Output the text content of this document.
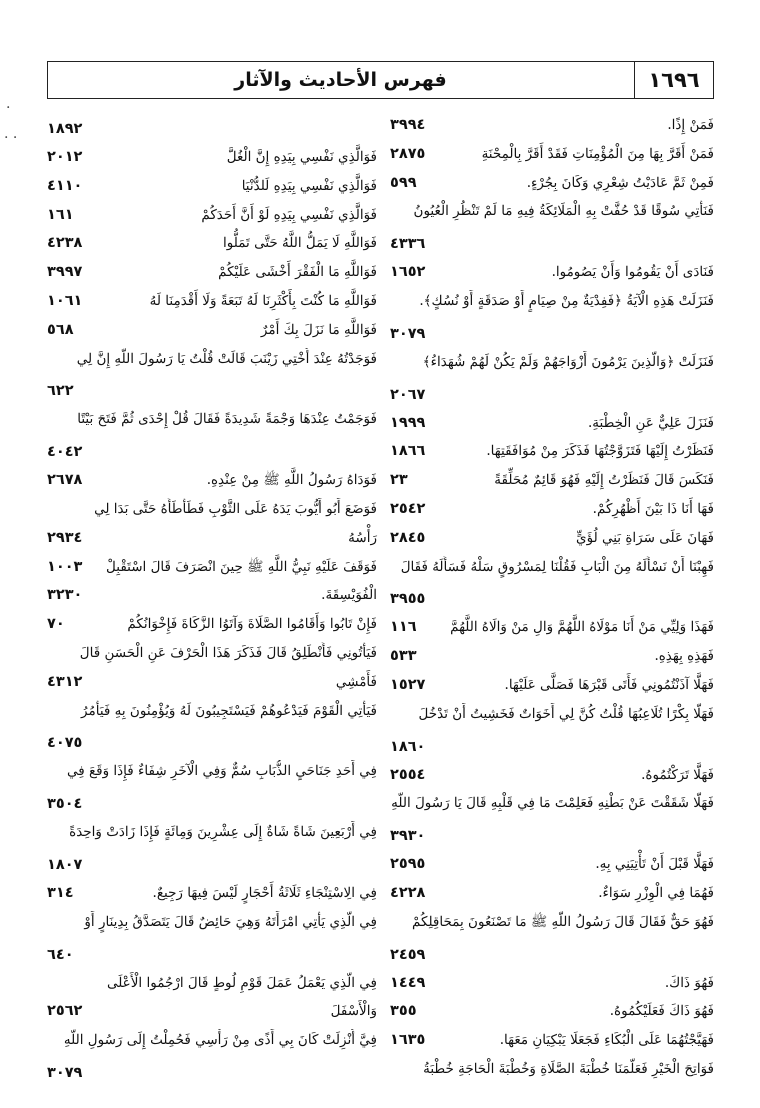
فهرس الأحاديث والآثار	١٦٩٦
.
. .
فَمَنْ إِذًا.
٣٩٩٤
فَمَنْ أَقَرَّ بِهَا مِنَ الْمُؤْمِنَاتِ فَقَدْ أَقَرَّ بِالْمِحْنَةِ
٢٨٧٥
فَمِنْ ثَمَّ عَادَيْتُ شِعْرِي وَكَانَ بِجُرْءٍ.
٥٩٩
فَنَأْتِي سُوقًا قَدْ حُفَّتْ بِهِ الْمَلَائِكَةُ فِيهِ مَا لَمْ تَنْظُرِ الْعُيُونُ
٤٣٣٦
فَنَادَى أَنْ يَقُومُوا وَأَنْ يَصُومُوا.
١٦٥٢
فَنَزَلَتْ هَذِهِ الْآيَةُ ﴿فَفِدْيَةٌ مِنْ صِيَامٍ أَوْ صَدَقَةٍ أَوْ نُسُكٍ﴾.
٣٠٧٩
فَنَزَلَتْ ﴿وَالَّذِينَ يَرْمُونَ أَزْوَاجَهُمْ وَلَمْ يَكُنْ لَهُمْ شُهَدَاءُ﴾
٢٠٦٧
فَنَزَلَ عَلِيٌّ عَنِ الْخِطْبَةِ.
١٩٩٩
فَنَظَرْتُ إِلَيْهَا فَتَزَوَّجْتُهَا فَذَكَرَ مِنْ مُوَافَقَتِهَا.
١٨٦٦
فَنَكَسَ قَالَ فَنَظَرْتُ إِلَيْهِ فَهُوَ قَائِمٌ مُحَلِّقَةً
٢٣
فَهَا أَنَا ذَا بَيْنَ أَظْهُرِكُمْ.
٢٥٤٢
فَهَانَ عَلَى سَرَاةِ بَنِي لُؤَيٍّ
٢٨٤٥
فَهِبْنَا أَنْ نَسْأَلَهُ مِنَ الْبَابِ فَقُلْنَا لِمَسْرُوقٍ سَلْهُ فَسَأَلَهُ فَقَالَ
٣٩٥٥
فَهَذَا وَلِيِّي مَنْ أَنَا مَوْلَاهُ اللَّهُمَّ وَالِ مَنْ وَالَاهُ اللَّهُمَّ
١١٦
فَهَذِهِ بِهَذِهِ.
٥٣٣
فَهَلَّا آذَنْتُمُونِي فَأَتَى قَبْرَهَا فَصَلَّى عَلَيْهَا.
١٥٢٧
فَهَلَّا بِكْرًا تُلَاعِبُهَا قُلْتُ كُنَّ لِي أَخَوَاتٌ فَخَشِيتُ أَنْ تَدْخُلَ
١٨٦٠
فَهَلَّا تَرَكْتُمُوهُ.
٢٥٥٤
فَهَلَّا شَقَقْتَ عَنْ بَطْنِهِ فَعَلِمْتَ مَا فِي قَلْبِهِ قَالَ يَا رَسُولَ اللَّهِ
٣٩٣٠
فَهَلَّا قَبْلَ أَنْ تَأْتِيَنِي بِهِ.
٢٥٩٥
فَهُمَا فِي الْوِزْرِ سَوَاءٌ.
٤٢٢٨
فَهُوَ حَقٌّ فَقَالَ قَالَ رَسُولُ اللَّهِ ﷺ مَا تَصْنَعُونَ بِمَحَاقِلِكُمْ
٢٤٥٩
فَهُوَ ذَاكَ.
١٤٤٩
فَهُوَ ذَاكَ فَعَلَيْكُمُوهُ.
٣٥٥
فَهَيَّجْتُهُمَا عَلَى الْبُكَاءِ فَجَعَلَا يَبْكِيَانِ مَعَهَا.
١٦٣٥
فَوَاتِحَ الْخَيْرِ فَعَلَّمَنَا خُطْبَةَ الصَّلَاةِ وَخُطْبَةَ الْحَاجَةِ خُطْبَةُ
١٨٩٢
فَوَالَّذِي نَفْسِي بِيَدِهِ إِنَّ الْغُلَّ
٢٠١٢
فَوَالَّذِي نَفْسِي بِيَدِهِ لَلدُّنْيَا
٤١١٠
فَوَالَّذِي نَفْسِي بِيَدِهِ لَوْ أَنَّ أَحَدَكُمْ
١٦١
فَوَاللَّهِ لَا يَمَلُّ اللَّهُ حَتَّى تَمَلُّوا
٤٢٣٨
فَوَاللَّهِ مَا الْفَقْرَ أَخْشَى عَلَيْكُمْ
٣٩٩٧
فَوَاللَّهِ مَا كُنْتَ بِأَكْثَرِنَا لَهُ تَبَعَةً وَلَا أَقْدَمِنَا لَهُ
١٠٦١
فَوَاللَّهِ مَا نَزَلَ بِكَ أَمْرٌ
٥٦٨
فَوَجَدْتُهُ عِنْدَ أُخْتِي زَيْنَبَ قَالَتْ قُلْتُ يَا رَسُولَ اللَّهِ إِنَّ لِي
٦٢٢
فَوَجَمْتُ عِنْدَهَا وَجْمَةً شَدِيدَةً فَقَالَ قُلْ إِحْدَى ثُمَّ فَتَحَ بَيْتًا
٤٠٤٢
فَوَدَاهُ رَسُولُ اللَّهِ ﷺ مِنْ عِنْدِهِ.
٢٦٧٨
فَوَضَعَ أَبُو أَيُّوبَ يَدَهُ عَلَى الثَّوْبِ فَطَأْطَأَهُ حَتَّى بَدَا لِي
رَأْسُهُ
٢٩٣٤
فَوَقَفَ عَلَيْهِ نَبِيُّ اللَّهِ ﷺ حِينَ انْصَرَفَ قَالَ اسْتَقْبِلْ
١٠٠٣
الْفُوَيْسِقَةَ.
٣٢٣٠
فَإِنْ تَابُوا وَأَقَامُوا الصَّلَاةَ وَآتَوُا الزَّكَاةَ فَإِخْوَانُكُمْ
٧٠
فَيَأْتُونِي فَأَنْطَلِقُ قَالَ فَذَكَرَ هَذَا الْحَرْفَ عَنِ الْحَسَنِ قَالَ
فَأَمْشِي
٤٣١٢
فَيَأْتِي الْقَوْمَ فَيَدْعُوهُمْ فَيَسْتَجِيبُونَ لَهُ وَيُؤْمِنُونَ بِهِ فَيَأْمُرُ
٤٠٧٥
فِي أَحَدِ جَنَاحَيِ الذُّبَابِ سُمٌّ وَفِي الْآخَرِ شِفَاءٌ فَإِذَا وَقَعَ فِي
٣٥٠٤
فِي أَرْبَعِينَ شَاةً شَاةٌ إِلَى عِشْرِينَ وَمِائَةٍ فَإِذَا زَادَتْ وَاحِدَةً
١٨٠٧
فِي الِاسْتِنْجَاءِ ثَلَاثَةُ أَحْجَارٍ لَيْسَ فِيهَا رَجِيعٌ.
٣١٤
فِي الَّذِي يَأْتِي امْرَأَتَهُ وَهِيَ حَائِضٌ قَالَ يَتَصَدَّقُ بِدِينَارٍ أَوْ
٦٤٠
فِي الَّذِي يَعْمَلُ عَمَلَ قَوْمِ لُوطٍ قَالَ ارْجُمُوا الْأَعْلَى
وَالْأَسْفَلَ
٢٥٦٢
فِيَّ أُنْزِلَتْ كَانَ بِي أَذًى مِنْ رَأْسِي فَحُمِلْتُ إِلَى رَسُولِ اللَّهِ
٣٠٧٩
